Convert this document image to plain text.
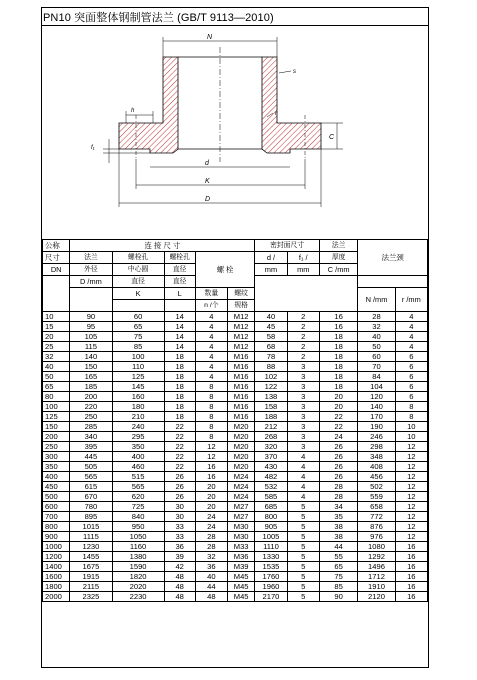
PN10 突面整体钢制管法兰 (GB/T 9113—2010)
N
d
K
D
C
f₁
h
s
r
公称	连 接 尺 寸					密封面尺寸		法兰	法兰颈	
尺寸	法兰	螺栓孔	螺栓孔	螺 栓		d /	f₁ /	厚度		
DN	外径	中心圆	直径			mm	mm	C /mm		
	D /mm	直径	直径							
		K	L	数量	螺纹				N /mm	r /mm
				n /个	规格					
10	90	60	14	4	M12	40	2	16	28	4
15	95	65	14	4	M12	45	2	16	32	4
20	105	75	14	4	M12	58	2	18	40	4
25	115	85	14	4	M12	68	2	18	50	4
32	140	100	18	4	M16	78	2	18	60	6
40	150	110	18	4	M16	88	3	18	70	6
50	165	125	18	4	M16	102	3	18	84	6
65	185	145	18	8	M16	122	3	18	104	6
80	200	160	18	8	M16	138	3	20	120	6
100	220	180	18	8	M16	158	3	20	140	8
125	250	210	18	8	M16	188	3	22	170	8
150	285	240	22	8	M20	212	3	22	190	10
200	340	295	22	8	M20	268	3	24	246	10
250	395	350	22	12	M20	320	3	26	298	12
300	445	400	22	12	M20	370	4	26	348	12
350	505	460	22	16	M20	430	4	26	408	12
400	565	515	26	16	M24	482	4	26	456	12
450	615	565	26	20	M24	532	4	28	502	12
500	670	620	26	20	M24	585	4	28	559	12
600	780	725	30	20	M27	685	5	34	658	12
700	895	840	30	24	M27	800	5	35	772	12
800	1015	950	33	24	M30	905	5	38	876	12
900	1115	1050	33	28	M30	1005	5	38	976	12
1000	1230	1160	36	28	M33	1110	5	44	1080	16
1200	1455	1380	39	32	M36	1330	5	55	1292	16
1400	1675	1590	42	36	M39	1535	5	65	1496	16
1600	1915	1820	48	40	M45	1760	5	75	1712	16
1800	2115	2020	48	44	M45	1960	5	85	1910	16
2000	2325	2230	48	48	M45	2170	5	90	2120	16
